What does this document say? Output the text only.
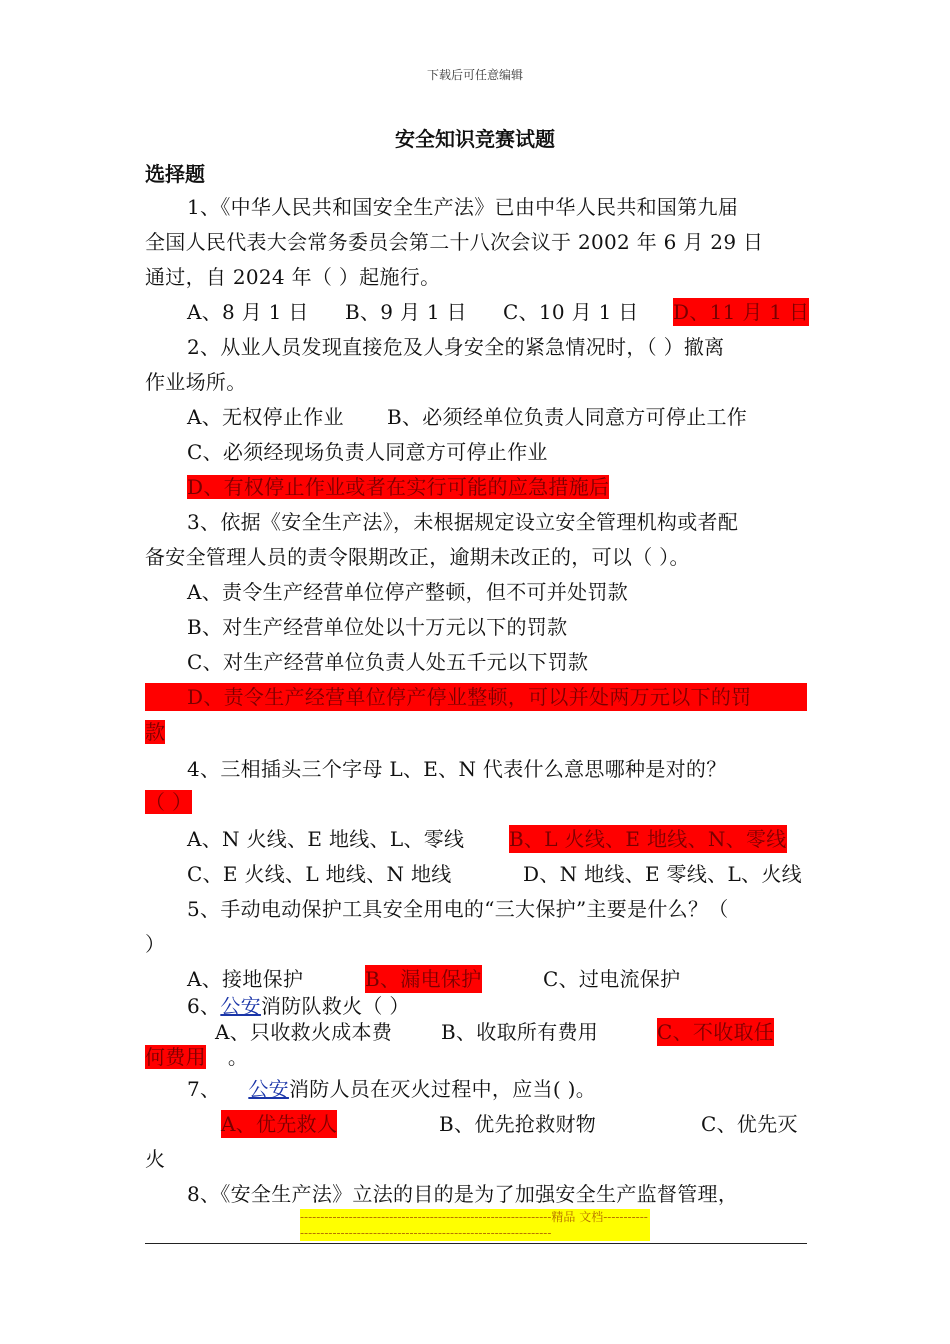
下载后可任意编辑
安全知识竞赛试题
选择题
1、《中华人民共和国安全生产法》已由中华人民共和国第九届
全国人民代表大会常务委员会第二十八次会议于 2002 年 6 月 29 日
通过，自 2024 年（ ）起施行。
A、8 月 1 日 B、9 月 1 日 C、10 月 1 日 D、11 月 1 日
2、从业人员发现直接危及人身安全的紧急情况时，（ ）撤离
作业场所。
A、无权停止作业 B、必须经单位负责人同意方可停止工作
C、必须经现场负责人同意方可停止作业
D、有权停止作业或者在实行可能的应急措施后
3、依据《安全生产法》，未根据规定设立安全管理机构或者配
备安全管理人员的责令限期改正，逾期未改正的，可以（ ）。
A、责令生产经营单位停产整顿，但不可并处罚款
B、对生产经营单位处以十万元以下的罚款
C、对生产经营单位负责人处五千元以下罚款
D、责令生产经营单位停产停业整顿，可以并处两万元以下的罚
款
4、三相插头三个字母 L、E、N 代表什么意思哪种是对的？
（ ）
A、N 火线、E 地线、L、零线 B、L 火线、E 地线、N、零线
C、E 火线、L 地线、N 地线	D、N 地线、E 零线、L、火线
5、手动电动保护工具安全用电的“三大保护”主要是什么？（
）
A、接地保护	B、漏电保护	C、过电流保护
6、公安消防队救火（ ）
A、只收救火成本费 B、收取所有费用	C、不收取任
何费用 。
7、 公安消防人员在灭火过程中，应当( )。
A、优先救人	B、优先抢救财物	C、优先灭
火
8、《安全生产法》立法的目的是为了加强安全生产监督管理，
--------------------------------------------------------------精品 文档-------------------------------------------------------------------------
